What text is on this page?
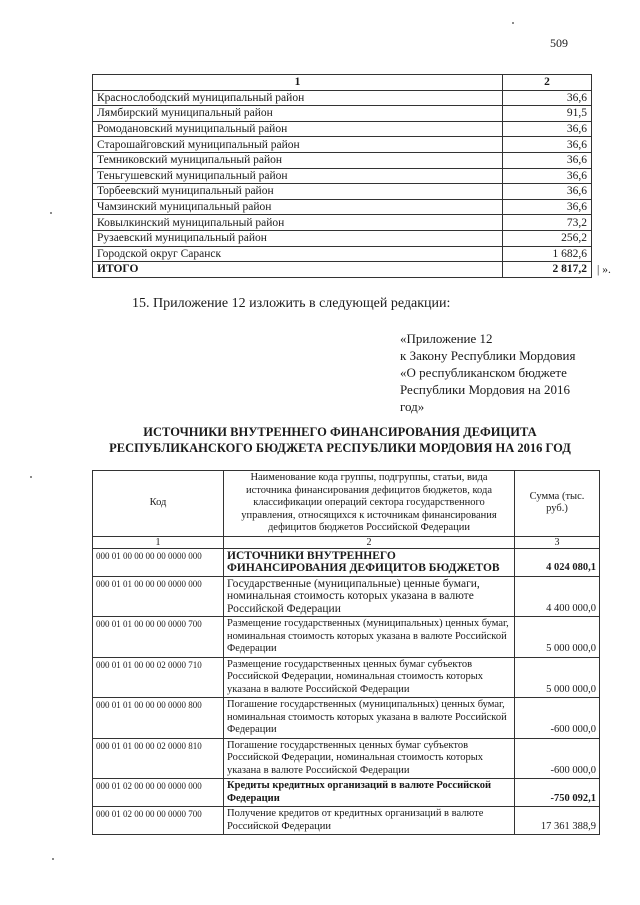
509
1	2
Краснослободский муниципальный район	36,6
Лямбирский муниципальный район	91,5
Ромодановский муниципальный район	36,6
Старошайговский муниципальный район	36,6
Темниковский муниципальный район	36,6
Теньгушевский муниципальный район	36,6
Торбеевский муниципальный район	36,6
Чамзинский муниципальный район	36,6
Ковылкинский муниципальный район	73,2
Рузаевский муниципальный район	256,2
Городской округ Саранск	1 682,6
ИТОГО	2 817,2 | ».
15. Приложение 12 изложить в следующей редакции:
«Приложение 12
к Закону Республики Мордовия
«О республиканском бюджете
Республики Мордовия на 2016
год»
ИСТОЧНИКИ ВНУТРЕННЕГО ФИНАНСИРОВАНИЯ ДЕФИЦИТА
РЕСПУБЛИКАНСКОГО БЮДЖЕТА РЕСПУБЛИКИ МОРДОВИЯ НА 2016 ГОД
Код	Наименование кода группы, подгруппы, статьи, вида источника финансирования дефицитов бюджетов, кода классификации операций сектора государственного управления, относящихся к источникам финансирования дефицитов бюджетов Российской Федерации	Сумма (тыс. руб.)
1	2	3
000 01 00 00 00 00 0000 000	ИСТОЧНИКИ ВНУТРЕННЕГО ФИНАНСИРОВАНИЯ ДЕФИЦИТОВ БЮДЖЕТОВ	4 024 080,1
000 01 01 00 00 00 0000 000	Государственные (муниципальные) ценные бумаги, номинальная стоимость которых указана в валюте Российской Федерации	4 400 000,0
000 01 01 00 00 00 0000 700	Размещение государственных (муниципальных) ценных бумаг, номинальная стоимость которых указана в валюте Российской Федерации	5 000 000,0
000 01 01 00 00 02 0000 710	Размещение государственных ценных бумаг субъектов Российской Федерации, номинальная стоимость которых указана в валюте Российской Федерации	5 000 000,0
000 01 01 00 00 00 0000 800	Погашение государственных (муниципальных) ценных бумаг, номинальная стоимость которых указана в валюте Российской Федерации	-600 000,0
000 01 01 00 00 02 0000 810	Погашение государственных ценных бумаг субъектов Российской Федерации, номинальная стоимость которых указана в валюте Российской Федерации	-600 000,0
000 01 02 00 00 00 0000 000	Кредиты кредитных организаций в валюте Российской Федерации	-750 092,1
000 01 02 00 00 00 0000 700	Получение кредитов от кредитных организаций в валюте Российской Федерации	17 361 388,9
